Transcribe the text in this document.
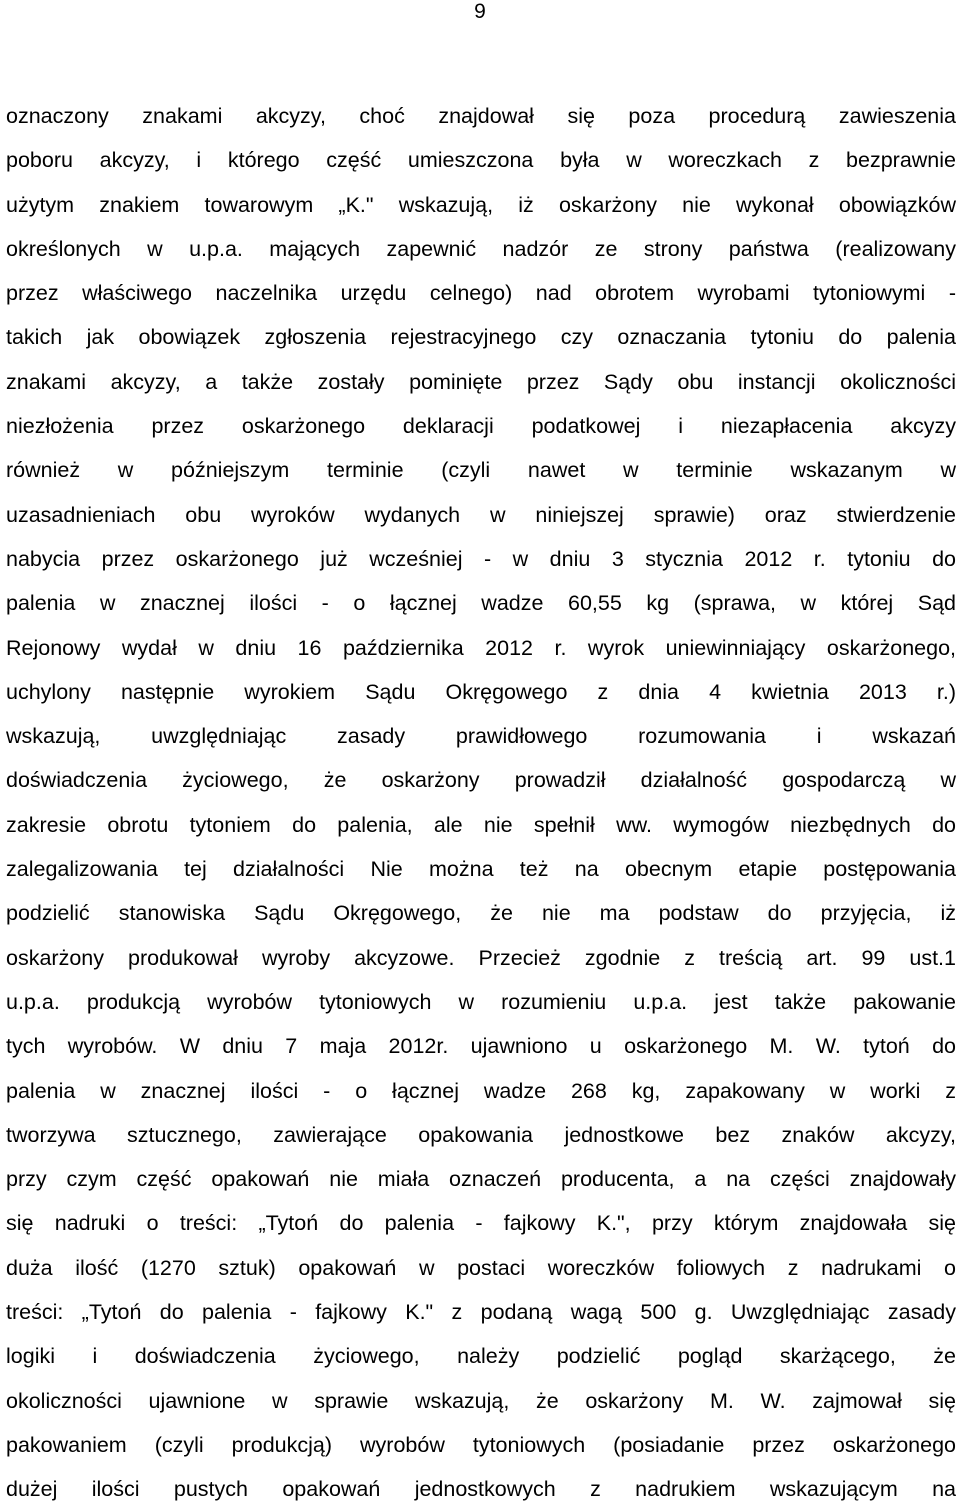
9
oznaczony znakami akcyzy, choć znajdował się poza procedurą zawieszenia
poboru akcyzy, i którego część umieszczona była w woreczkach z bezprawnie
użytym znakiem towarowym „K." wskazują, iż oskarżony nie wykonał obowiązków
określonych w u.p.a. mających zapewnić nadzór ze strony państwa (realizowany
przez właściwego naczelnika urzędu celnego) nad obrotem wyrobami tytoniowymi -
takich jak obowiązek zgłoszenia rejestracyjnego czy oznaczania tytoniu do palenia
znakami akcyzy, a także zostały pominięte przez Sądy obu instancji okoliczności
niezłożenia przez oskarżonego deklaracji podatkowej i niezapłacenia akcyzy
również w późniejszym terminie (czyli nawet w terminie wskazanym w
uzasadnieniach obu wyroków wydanych w niniejszej sprawie) oraz stwierdzenie
nabycia przez oskarżonego już wcześniej - w dniu 3 stycznia 2012 r. tytoniu do
palenia w znacznej ilości - o łącznej wadze 60,55 kg (sprawa, w której Sąd
Rejonowy wydał w dniu 16 października 2012 r. wyrok uniewinniający oskarżonego,
uchylony następnie wyrokiem Sądu Okręgowego z dnia 4 kwietnia 2013 r.)
wskazują, uwzględniając zasady prawidłowego rozumowania i wskazań
doświadczenia życiowego, że oskarżony prowadził działalność gospodarczą w
zakresie obrotu tytoniem do palenia, ale nie spełnił ww. wymogów niezbędnych do
zalegalizowania tej działalności Nie można też na obecnym etapie postępowania
podzielić stanowiska Sądu Okręgowego, że nie ma podstaw do przyjęcia, iż
oskarżony produkował wyroby akcyzowe. Przecież zgodnie z treścią art. 99 ust.1
u.p.a. produkcją wyrobów tytoniowych w rozumieniu u.p.a. jest także pakowanie
tych wyrobów. W dniu 7 maja 2012r. ujawniono u oskarżonego M. W. tytoń do
palenia w znacznej ilości - o łącznej wadze 268 kg, zapakowany w worki z
tworzywa sztucznego, zawierające opakowania jednostkowe bez znaków akcyzy,
przy czym część opakowań nie miała oznaczeń producenta, a na części znajdowały
się nadruki o treści: „Tytoń do palenia - fajkowy K.", przy którym znajdowała się
duża ilość (1270 sztuk) opakowań w postaci woreczków foliowych z nadrukami o
treści: „Tytoń do palenia - fajkowy K." z podaną wagą 500 g. Uwzględniając zasady
logiki i doświadczenia życiowego, należy podzielić pogląd skarżącego, że
okoliczności ujawnione w sprawie wskazują, że oskarżony M. W. zajmował się
pakowaniem (czyli produkcją) wyrobów tytoniowych (posiadanie przez oskarżonego
dużej ilości pustych opakowań jednostkowych z nadrukiem wskazującym na
